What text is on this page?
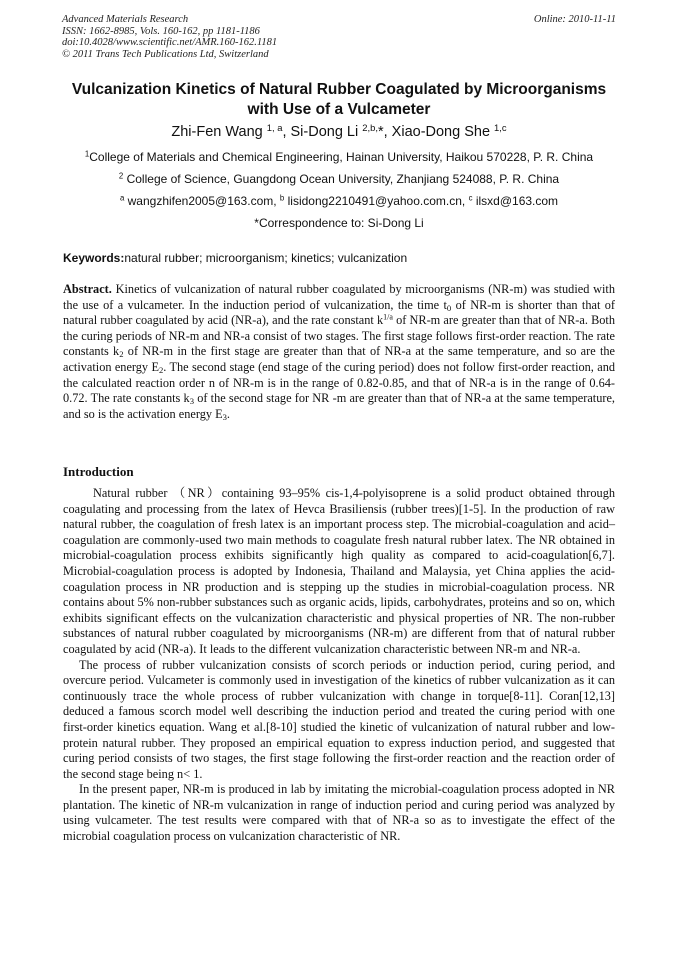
Advanced Materials Research
ISSN: 1662-8985, Vols. 160-162, pp 1181-1186
doi:10.4028/www.scientific.net/AMR.160-162.1181
© 2011 Trans Tech Publications Ltd, Switzerland
Online: 2010-11-11
Vulcanization Kinetics of Natural Rubber Coagulated by Microorganisms
with Use of a Vulcameter
Zhi-Fen Wang $^{1, a}$, Si-Dong Li $^{2,b,}$*, Xiao-Dong She $^{1,c}$
$^1$College of Materials and Chemical Engineering, Hainan University, Haikou 570228, P. R. China
$^2$ College of Science, Guangdong Ocean University, Zhanjiang 524088, P. R. China
$^a$ wangzhifen2005@163.com, $^b$ lisidong2210491@yahoo.com.cn, $^c$ ilsxd@163.com
*Correspondence to: Si-Dong Li
Keywords:natural rubber; microorganism; kinetics; vulcanization
Abstract. Kinetics of vulcanization of natural rubber coagulated by microorganisms (NR-m) was studied with the use of a vulcameter. In the induction period of vulcanization, the time $t_0$ of NR-m is shorter than that of natural rubber coagulated by acid (NR-a), and the rate constant $k^{1/a}$ of NR-m are greater than that of NR-a. Both the curing periods of NR-m and NR-a consist of two stages. The first stage follows first-order reaction. The rate constants $k_2$ of NR-m in the first stage are greater than that of NR-a at the same temperature, and so are the activation energy $E_2$. The second stage (end stage of the curing period) does not follow first-order reaction, and the calculated reaction order n of NR-m is in the range of 0.82-0.85, and that of NR-a is in the range of 0.64-0.72. The rate constants $k_3$ of the second stage for NR -m are greater than that of NR-a at the same temperature, and so is the activation energy $E_3$.
Introduction

Natural rubber （NR）containing 93–95% cis-1,4-polyisoprene is a solid product obtained through coagulating and processing from the latex of Hevca Brasiliensis (rubber trees)[1-5]. In the production of raw natural rubber, the coagulation of fresh latex is an important process step. The microbial-coagulation and acid–coagulation are commonly-used two main methods to coagulate fresh natural rubber latex. The NR obtained in microbial-coagulation process exhibits significantly high quality as compared to acid-coagulation[6,7]. Microbial-coagulation process is adopted by Indonesia, Thailand and Malaysia, yet China applies the acid-coagulation process in NR production and is stepping up the studies in microbial-coagulation process. NR contains about 5% non-rubber substances such as organic acids, lipids, carbohydrates, proteins and so on, which exhibits significant effects on the vulcanization characteristic and physical properties of NR. The non-rubber substances of natural rubber coagulated by microorganisms (NR-m) are different from that of natural rubber coagulated by acid (NR-a). It leads to the different vulcanization characteristic between NR-m and NR-a.

The process of rubber vulcanization consists of scorch periods or induction period, curing period, and overcure period. Vulcameter is commonly used in investigation of the kinetics of rubber vulcanization as it can continuously trace the whole process of rubber vulcanization with change in torque[8-11]. Coran[12,13] deduced a famous scorch model well describing the induction period and treated the curing period with one first-order kinetics equation. Wang et al.[8-10] studied the kinetic of vulcanization of natural rubber and low-protein natural rubber. They proposed an empirical equation to express induction period, and suggested that curing period consists of two stages, the first stage following the first-order reaction and the reaction order of the second stage being n< 1.

In the present paper, NR-m is produced in lab by imitating the microbial-coagulation process adopted in NR plantation. The kinetic of NR-m vulcanization in range of induction period and curing period was analyzed by using vulcameter. The test results were compared with that of NR-a so as to investigate the effect of the microbial coagulation process on vulcanization characteristic of NR.
